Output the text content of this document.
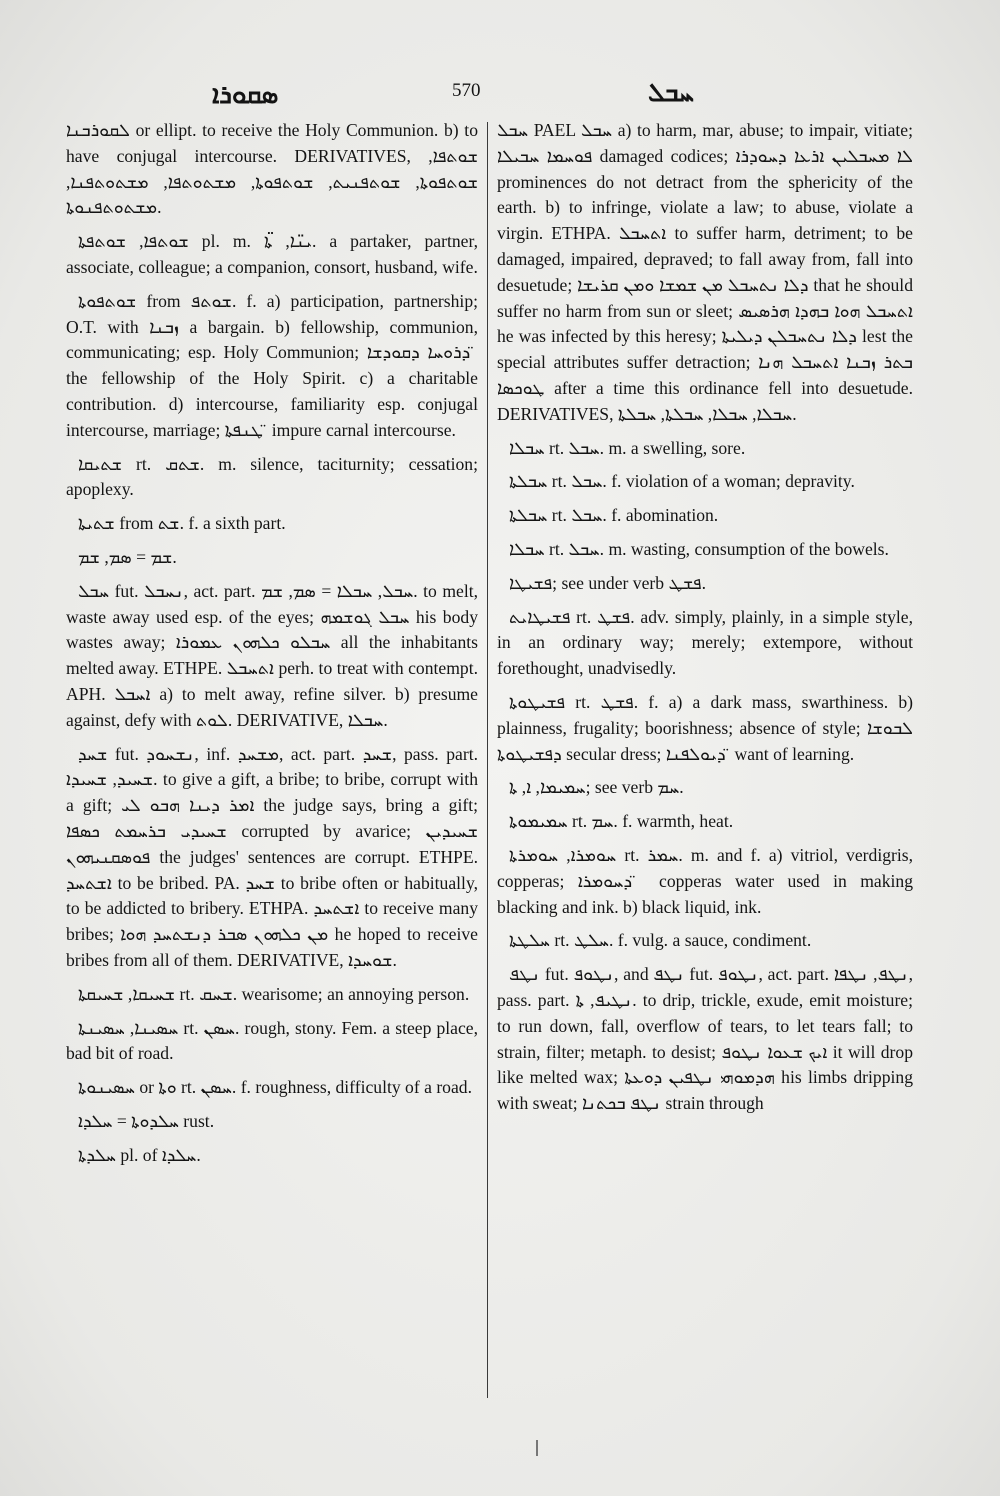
ܣܩܘܪܐ	570	ܚܒܠ

ܠܩܘܪܒܢܐ or ellipt. to receive the Holy Communion. b) to have conjugal intercourse. DERIVATIVES, ܫܘܬܦܐ, ܫܘܬܦܘܬܐ, ܫܘܬܦܢܝܬ, ܫܘܬܦܘܬܐ, ܡܫܬܘܬܦܐ, ܡܫܬܘܬܦܢܐ, ܡܫܬܘܬܦܢܘܬܐ.

ܫܘܬܦܐ, ܫܘܬܦܬܐ pl. m. ܝܢ̈ܐ, ܬܐ̈. a partaker, partner, associate, colleague; a companion, consort, husband, wife.

ܫܘܬܦܘܬܐ from ܫܘܬܦ. f. a) participation, partnership; O.T. with ܙܒܢܐ a bargain. b) fellowship, communion, communicating; esp. Holy Communion; ܕܪܘܚܐ ܕܩܘܕܫܐ ̈ the fellowship of the Holy Spirit. c) a charitable contribution. d) intercourse, familiarity esp. conjugal intercourse, marriage; ܛܢܦܬܐ ̈ impure carnal intercourse.

ܫܬܝܩܐ rt. ܫܬܩ. m. silence, taciturnity; cessation; apoplexy.

ܫܬܝܬܐ from ܫܬ. f. a sixth part.

ܫܡ = ܣܡ, ܫܡ.

ܚܒܠ fut. ܢܚܒܠ, act. part. ܚܒܠ, ܚܒܠܐ = ܣܡ, ܫܡ. to melt, waste away used esp. of the eyes; ܚܒܠ ܓܘܫܡܗ his body wastes away; ܚܒܠܘ ܟܠܗܘܢ ܥܡܘܪܐ all the inhabitants melted away. ETHPE. ܐܬܚܒܠ perh. to treat with contempt. APH. ܐܚܒܠ a) to melt away, refine silver. b) presume against, defy with ܠܘܬ. DERIVATIVE, ܚܒܠܐ.

ܫܚܕ fut. ܢܫܚܘܕ, inf. ܡܫܚܕ, act. part. ܫܚܕ, pass. part. ܫܚܝܕ, ܫܚܝܕܐ. to give a gift, a bribe; to bribe, corrupt with a gift; ܐܡܪ ܕܝܢܐ ܗܒܘ ܠܝ the judge says, bring a gift; ܫܚܝܕܝ ܒܪܚܡܬ ܟܣܦܐ corrupted by avarice; ܫܚܝܕܝܢ ܦܘܣܩܢܝܗܘܢ the judges' sentences are corrupt. ETHPE. ܐܫܬܚܕ to be bribed. PA. ܫܚܕ to bribe often or habitually, to be addicted to bribery. ETHPA. ܐܫܬܚܕ to receive many bribes; ܡܢ ܟܠܗܘܢ ܣܒܪ ܕܢܫܬܚܕ ܗܘܐ he hoped to receive bribes from all of them. DERIVATIVE, ܫܘܚܕܐ.

ܫܚܝܩܐ, ܫܚܝܩܬܐ rt. ܫܚܩ. wearisome; an annoying person.

ܚܣܝܢܐ, ܚܣܝܢܬܐ rt. ܚܣܢ. rough, stony. Fem. a steep place, bad bit of road.

ܚܣܝܢܘܬܐ or ܘܬܐ rt. ܚܣܢ. f. roughness, difficulty of a road.

ܚܠܕܘܬܐ = ܚܠܕܐ rust.

ܚܠܕܬܐ pl. of ܚܠܕܐ.

ܚܒܠ PAEL ܚܒܠ a) to harm, mar, abuse; to impair, vitiate; ܦܘܚܡܐ ܚܒܝܠܐ damaged codices; ܠܐ ܡܚܒܠܝܢ ܐܪܥܐ ܕܚܘܕܪܐ prominences do not detract from the sphericity of the earth. b) to infringe, violate a law; to abuse, violate a virgin. ETHPA. ܐܬܚܒܠ to suffer harm, detriment; to be damaged, impaired, depraved; to fall away from, fall into desuetude; ܕܠܐ ܢܬܚܒܠ ܡܢ ܫܡܫܐ ܘܡܢ ܩܪܝܫܐ that he should suffer no harm from sun or sleet; ܐܬܚܒܠ ܗܘܐ ܒܗܕܐ ܗܪܣܝܣ he was infected by this heresy; ܕܠܐ ܢܬܚܒܠܢ ܕܝܠܝܬܐ lest the special attributes suffer detraction; ܒܬܪ ܙܒܢܐ ܐܬܚܒܠ ܗܢܐ ܛܘܟܣܐ after a time this ordinance fell into desuetude. DERIVATIVES, ܚܒܠܐ, ܚܒܠܐ, ܚܒܠܬܐ, ܚܒܠܬܐ.

ܚܒܠܐ rt. ܚܒܠ. m. a swelling, sore.

ܚܒܠܬܐ rt. ܚܒܠ. f. violation of a woman; depravity.

ܚܒܠܬܐ rt. ܚܒܠ. f. abomination.

ܚܒܠܐ rt. ܚܒܠ. m. wasting, consumption of the bowels.

ܦܫܝܛܐ; see under verb ܦܫܛ.

ܦܫܝܛܐܝܬ rt. ܦܫܛ. adv. simply, plainly, in a simple style, in an ordinary way; merely; extempore, without forethought, unadvisedly.

ܦܫܝܛܘܬܐ rt. ܦܫܛ. f. a) a dark mass, swarthiness. b) plainness, frugality; boorishness; absence of style; ܠܒܘܫܐ ܕܦܫܝܛܘܬܐ secular dress; ܕܝܘܠܦܢܐ ̈ want of learning.

ܚܡܝܡܐ, ܐ, ܬܐ; see verb ܚܡ.

ܚܡܝܡܘܬܐ rt. ܚܡ. f. warmth, heat.

ܚܘܡܪܐ, ܚܘܡܪܬܐ rt. ܚܡܪ. m. and f. a) vitriol, verdigris, copperas; ܕܚܘܡܪܐ ̈ copperas water used in making blacking and ink. b) black liquid, ink.

ܚܠܛܬܐ rt. ܚܠܛ. f. vulg. a sauce, condiment.

ܢܛܦ fut. ܢܛܘܦ, and ܢܛܦ fut. ܢܛܘܦ, act. part. ܢܛܦ, ܢܛܦܐ, pass. part. ܢܛܝܦ, ܬܐ. to drip, trickle, exude, emit moisture; to run down, fall, overflow of tears, to let tears fall; to strain, filter; metaph. to desist; ܐܝܟ ܫܥܘܐ ܢܛܘܦ it will drop like melted wax; ܗܕܡܘܗܝ ܢܛܦܝܢ ܕܘܥܬܐ his limbs dripping with sweat; ܢܛܦ ܒܟܬܢܐ strain through
